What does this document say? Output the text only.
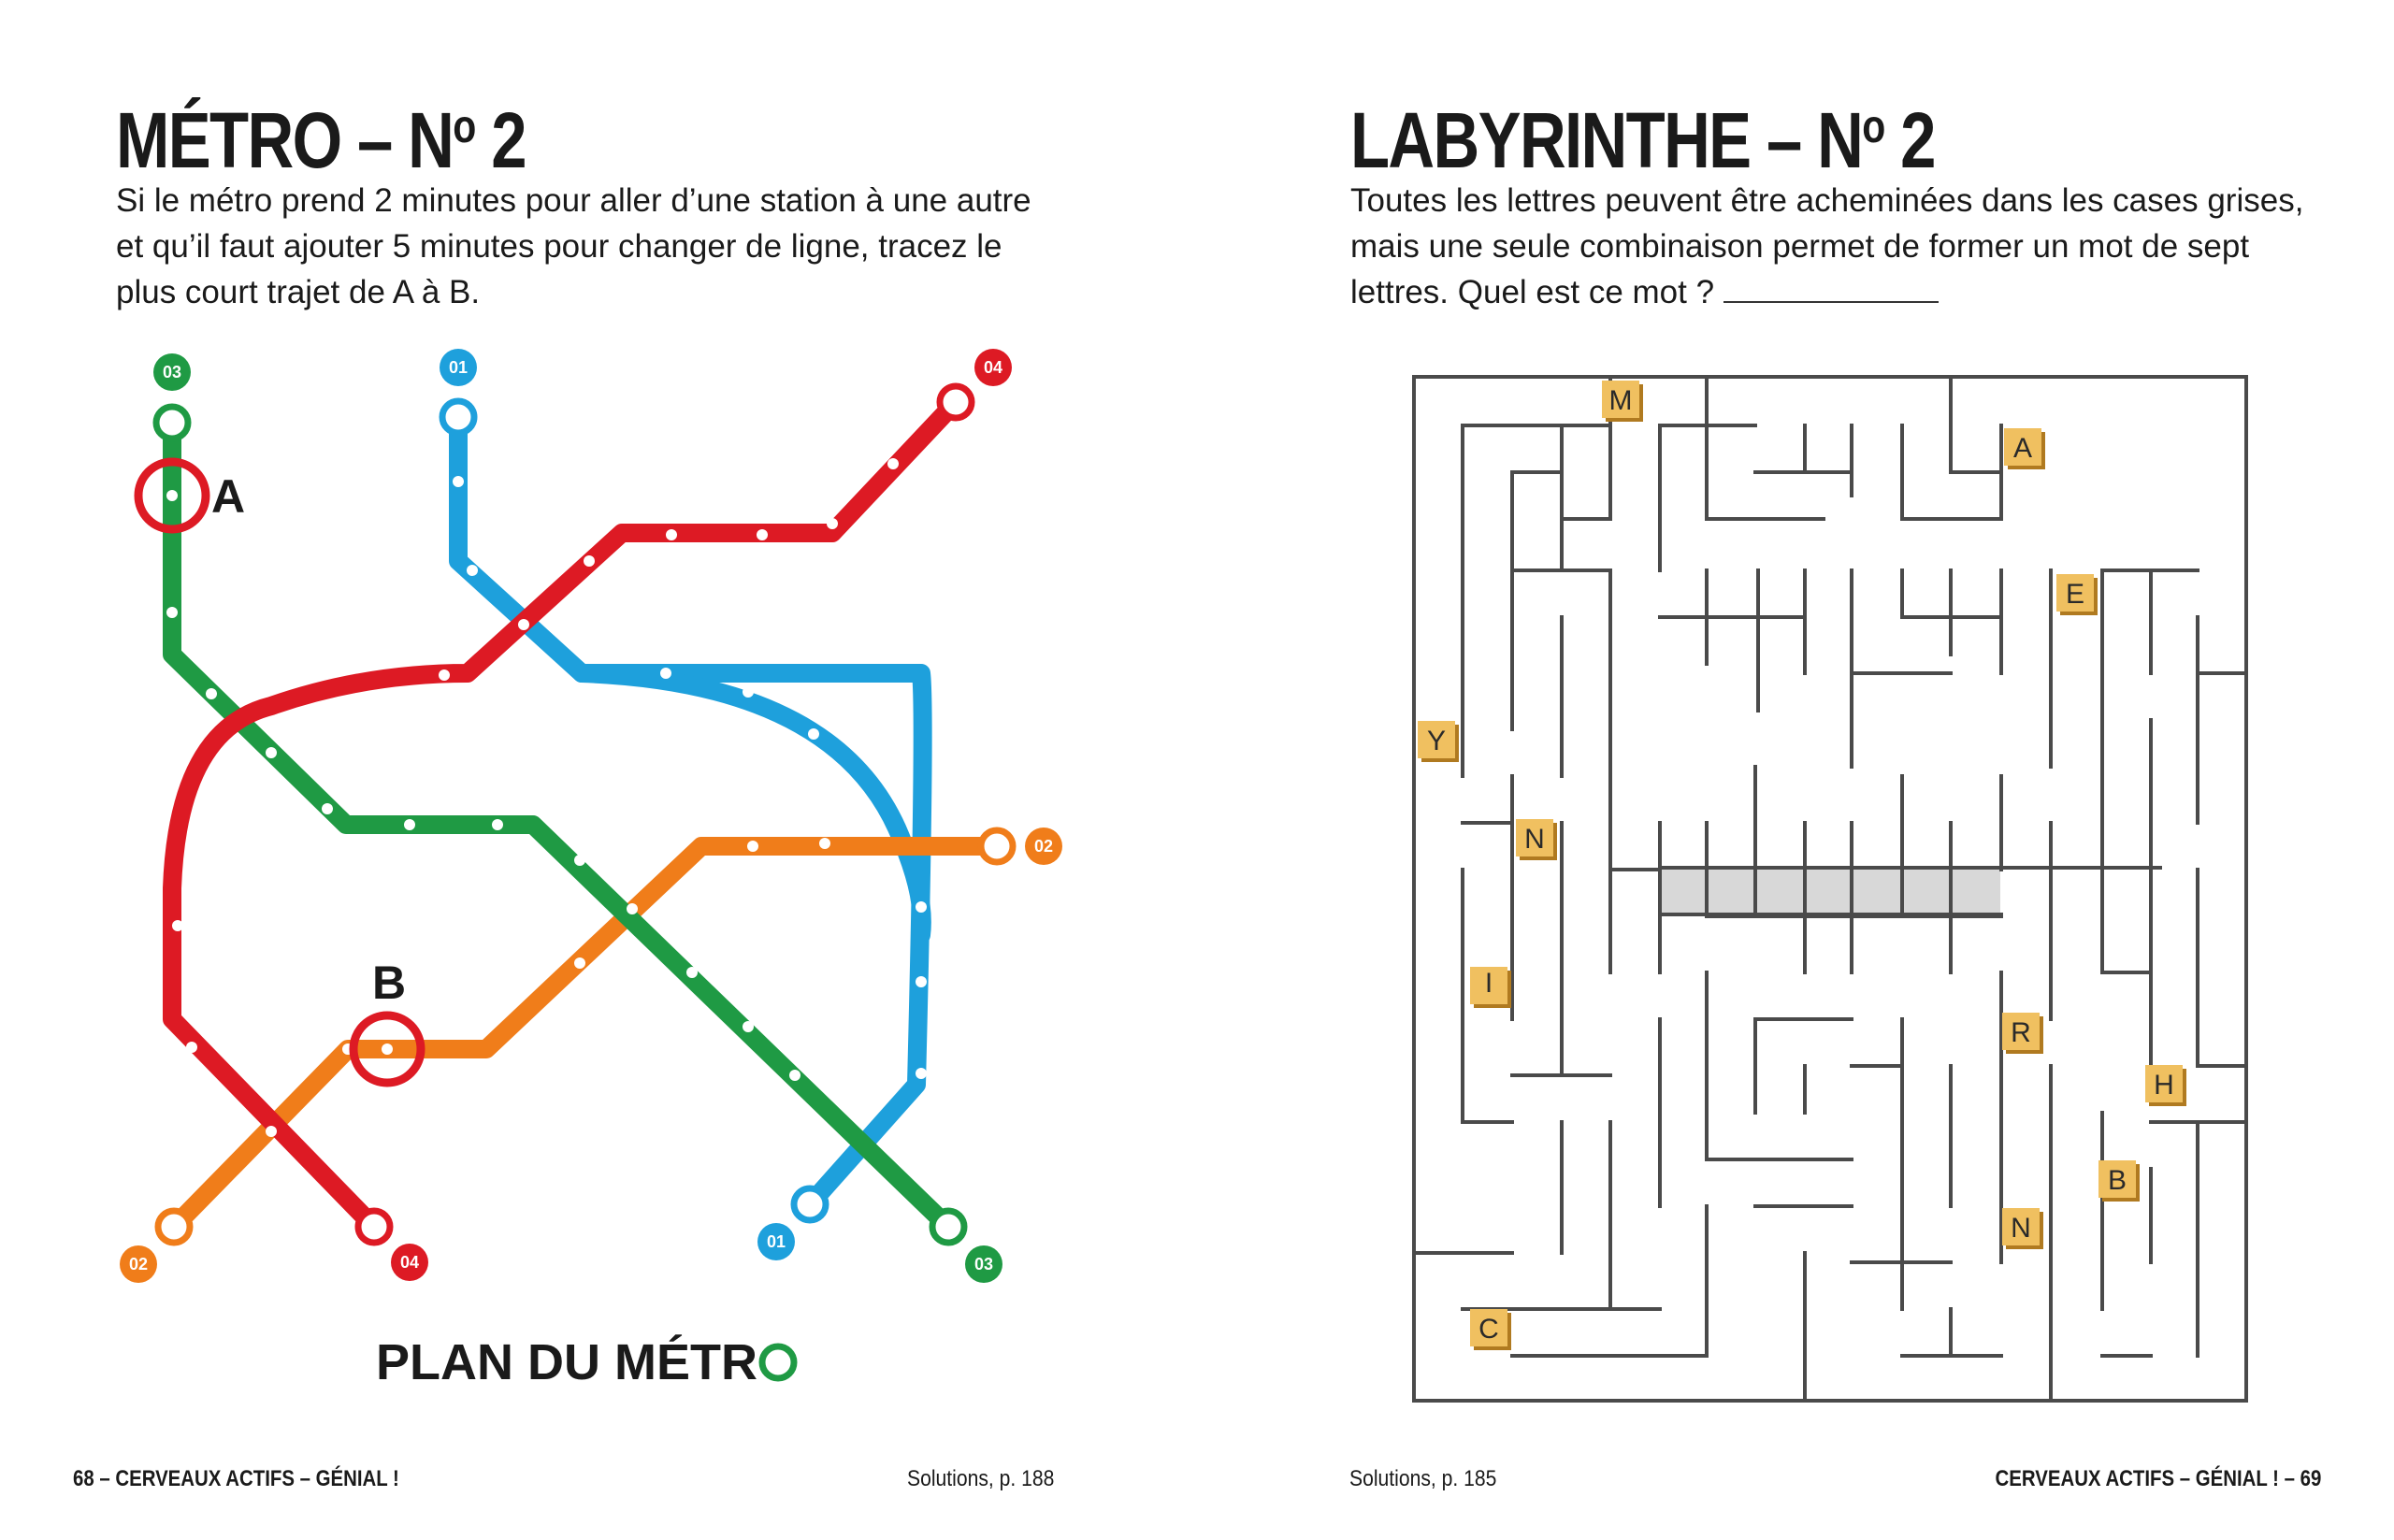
MÉTRO – $N^o$ 2

Si le métro prend 2 minutes pour aller d’une station à une autre et qu’il faut ajouter 5 minutes pour changer de ligne, tracez le plus court trajet de A à B.

A
B
03	01	04
02
02	04
01
03
PLAN DU MÉTR
68 – CERVEAUX ACTIFS – GÉNIAL !	Solutions, p. 188
LABYRINTHE – $N^o$ 2

Toutes les lettres peuvent être acheminées dans les cases grises, mais une seule combinaison permet de former un mot de sept lettres. Quel est ce mot ?

M
A
E
Y
N
I
R
H
B
N
C
Solutions, p. 185	CERVEAUX ACTIFS – GÉNIAL ! – 69
